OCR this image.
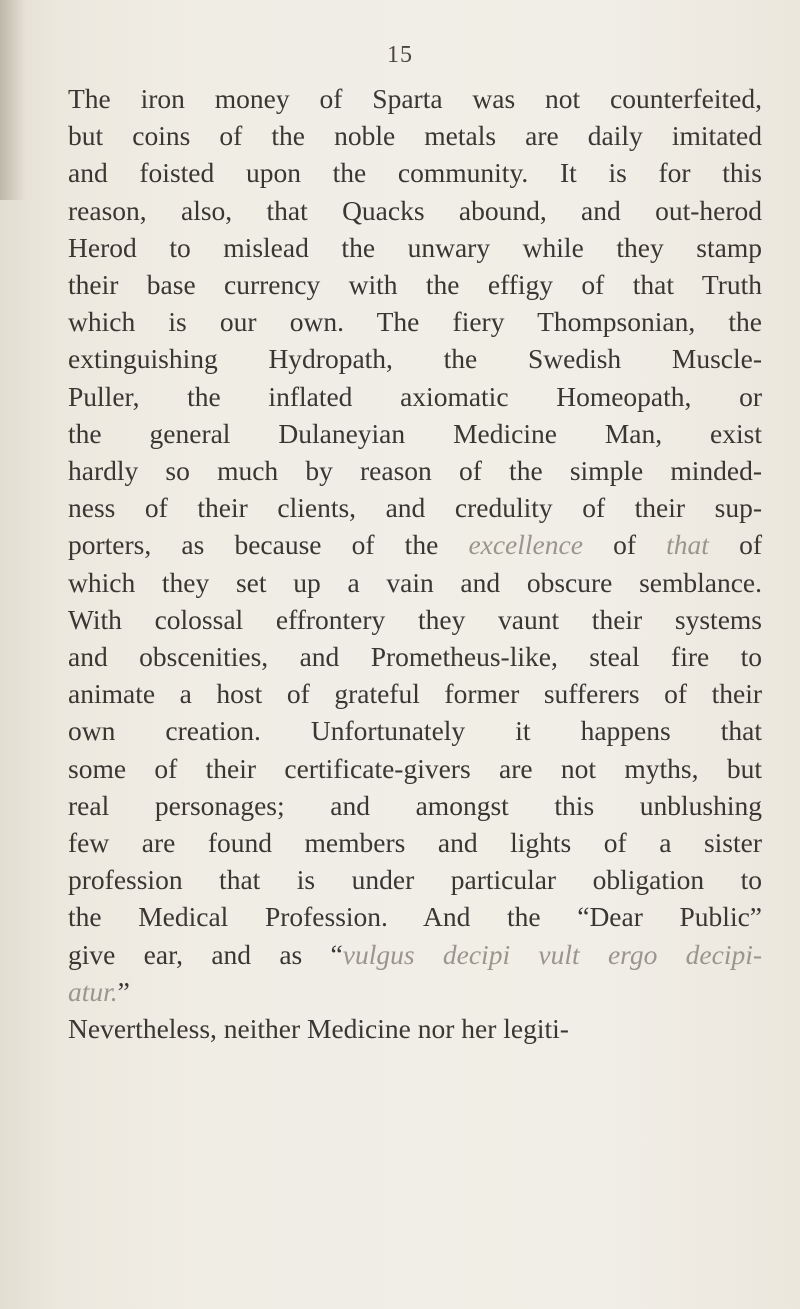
15
The iron money of Sparta was not counterfeited,
but coins of the noble metals are daily imitated
and foisted upon the community. It is for this
reason, also, that Quacks abound, and out-herod
Herod to mislead the unwary while they stamp
their base currency with the effigy of that Truth
which is our own. The fiery Thompsonian, the
extinguishing Hydropath, the Swedish Muscle-
Puller, the inflated axiomatic Homeopath, or
the general Dulaneyian Medicine Man, exist
hardly so much by reason of the simple minded-
ness of their clients, and credulity of their sup-
porters, as because of the excellence of that of
which they set up a vain and obscure semblance.
With colossal effrontery they vaunt their systems
and obscenities, and Prometheus-like, steal fire to
animate a host of grateful former sufferers of their
own creation. Unfortunately it happens that
some of their certificate-givers are not myths, but
real personages; and amongst this unblushing
few are found members and lights of a sister
profession that is under particular obligation to
the Medical Profession. And the “Dear Public”
give ear, and as “vulgus decipi vult ergo decipi-
atur.”
Nevertheless, neither Medicine nor her legiti-
